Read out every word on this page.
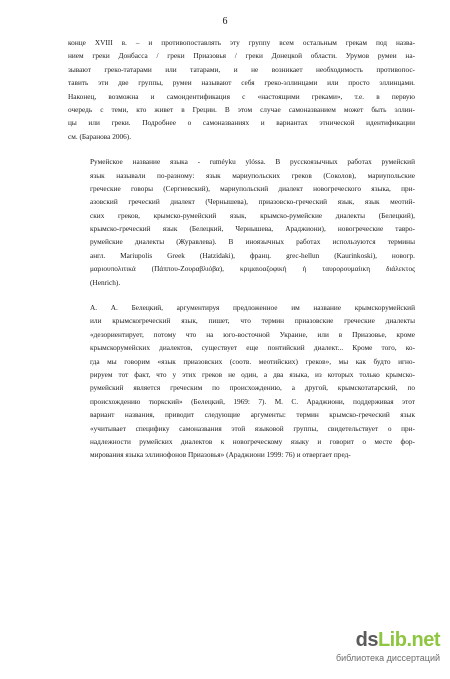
6

конце XVIII в. – и противопоставлять эту группу всем остальным грекам под назва-
нием греки Донбасса / греки Приазовья / греки Донецкой области. Урумов румеи на-
зывают греко-татарами или татарами, и не возникает необходимость противопос-
тавить эти две группы, румеи называют себя греко-эллинцами или просто эллинцами.
Наконец, возможна и самоидентификация с «настоящими греками», т.е. в первую
очередь с теми, кто живет в Греции. В этом случае самоназванием может быть эллин-
цы или греки. Подробнее о самоназваниях и вариантах этнической идентификации
см. (Баранова 2006).

Румейское название языка - ruméyku ylóssa. В русскоязычных работах румейский
язык называли по-разному: язык мариупольских греков (Соколов), мариупольские
греческие говоры (Сергиевский), мариупольский диалект новогреческого языка, при-
азовский греческий диалект (Чернышева), приазовско-греческий язык, язык меотий-
ских греков, крымско-румейский язык, крымско-румейские диалекты (Белецкий),
крымско-греческий язык (Белецкий, Чернышева, Араджиони), новогреческие тавро-
румейские диалекты (Журавлева). В иноязычных работах используются термины
англ. Mariupolis Greek (Hatzidaki), франц. grec-hellun (Kaurinkoski), новогр.
μαριουπολιτικά (Πάππου-Ζουραβλιόβα), κριμαιοαζοφική ή ταυρορουμαίικη διάλεκτος
(Henrich).

А. А. Белецкий, аргументируя предложенное им название крымскорумейский
или крымскогреческий язык, пишет, что термин приазовские греческие диалекты
«дезориентирует, потому что на юго-восточной Украине, или в Приазовье, кроме
крымскорумейских диалектов, существует еще понтийский диалект... Кроме того, ко-
гда мы говорим «язык приазовских (соотв. меотийских) греков», мы как будто игно-
рируем тот факт, что у этих греков не один, а два языка, из которых только крымско-
румейский является греческим по происхождению, а другой, крымскотатарский, по
происхождению тюркский» (Белецкий, 1969: 7). М. С. Араджиони, поддерживая этот
вариант названия, приводит следующие аргументы: термин крымско-греческий язык
«учитывает специфику самоназвания этой языковой группы, свидетельствует о при-
надлежности румейских диалектов к новогреческому языку и говорит о месте фор-
мирования языка эллинофонов Приазовья» (Араджиони 1999: 76) и отвергает пред-

dsLib.net
библиотека диссертаций
